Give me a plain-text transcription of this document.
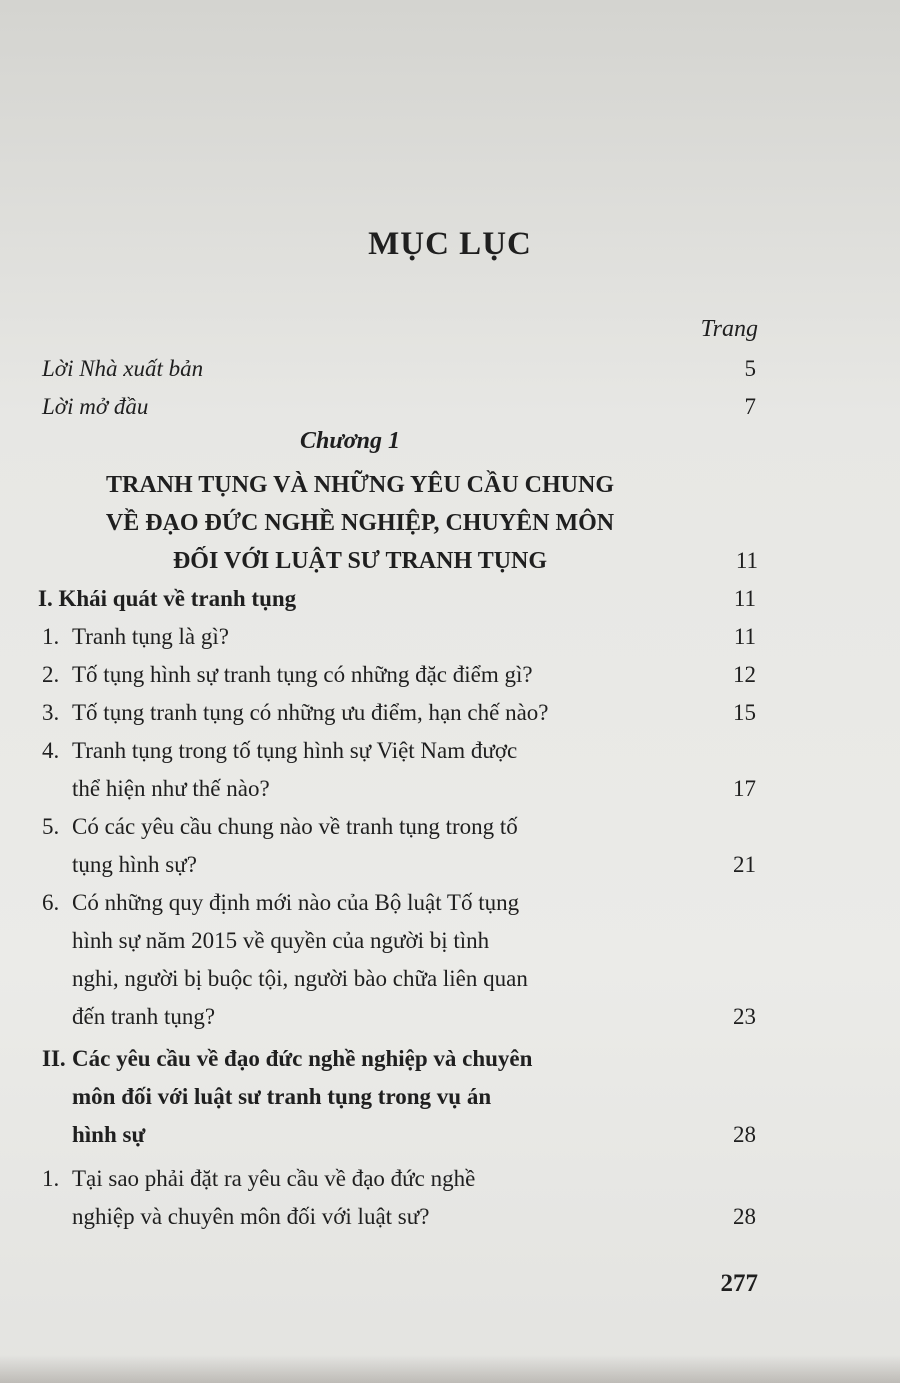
MỤC LỤC
Trang
Lời Nhà xuất bản	5
Lời mở đầu	7
Chương 1
TRANH TỤNG VÀ NHỮNG YÊU CẦU CHUNG
VỀ ĐẠO ĐỨC NGHỀ NGHIỆP, CHUYÊN MÔN
ĐỐI VỚI LUẬT SƯ TRANH TỤNG	11
I. Khái quát về tranh tụng	11
1. Tranh tụng là gì?	11
2. Tố tụng hình sự tranh tụng có những đặc điểm gì?	12
3. Tố tụng tranh tụng có những ưu điểm, hạn chế nào?	15
4. Tranh tụng trong tố tụng hình sự Việt Nam được
thể hiện như thế nào?	17
5. Có các yêu cầu chung nào về tranh tụng trong tố
tụng hình sự?	21
6. Có những quy định mới nào của Bộ luật Tố tụng
hình sự năm 2015 về quyền của người bị tình
nghi, người bị buộc tội, người bào chữa liên quan
đến tranh tụng?	23
II. Các yêu cầu về đạo đức nghề nghiệp và chuyên
môn đối với luật sư tranh tụng trong vụ án
hình sự	28
1. Tại sao phải đặt ra yêu cầu về đạo đức nghề
nghiệp và chuyên môn đối với luật sư?	28
277
